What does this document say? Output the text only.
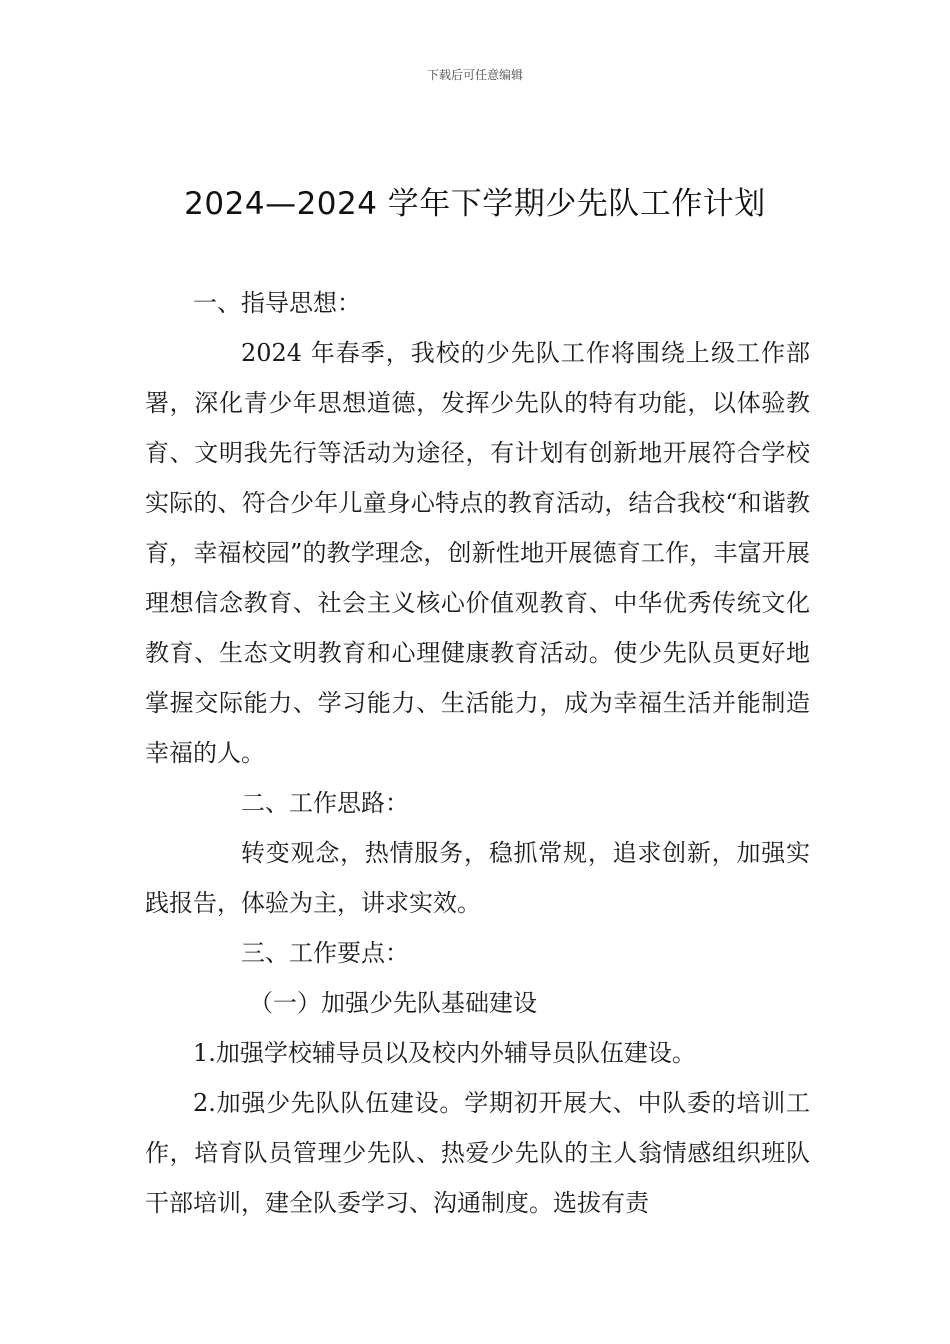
下载后可任意编辑
2024—2024 学年下学期少先队工作计划

一、指导思想：

2024 年春季，我校的少先队工作将围绕上级工作部署，深化青少年思想道德，发挥少先队的特有功能，以体验教育、文明我先行等活动为途径，有计划有创新地开展符合学校实际的、符合少年儿童身心特点的教育活动，结合我校“和谐教育，幸福校园”的教学理念，创新性地开展德育工作，丰富开展理想信念教育、社会主义核心价值观教育、中华优秀传统文化教育、生态文明教育和心理健康教育活动。使少先队员更好地掌握交际能力、学习能力、生活能力，成为幸福生活并能制造幸福的人。

二、工作思路：

转变观念，热情服务，稳抓常规，追求创新，加强实践报告，体验为主，讲求实效。

三、工作要点：

（一）加强少先队基础建设

1.加强学校辅导员以及校内外辅导员队伍建设。

2.加强少先队队伍建设。学期初开展大、中队委的培训工作，培育队员管理少先队、热爱少先队的主人翁情感组织班队干部培训，建全队委学习、沟通制度。选拔有责
